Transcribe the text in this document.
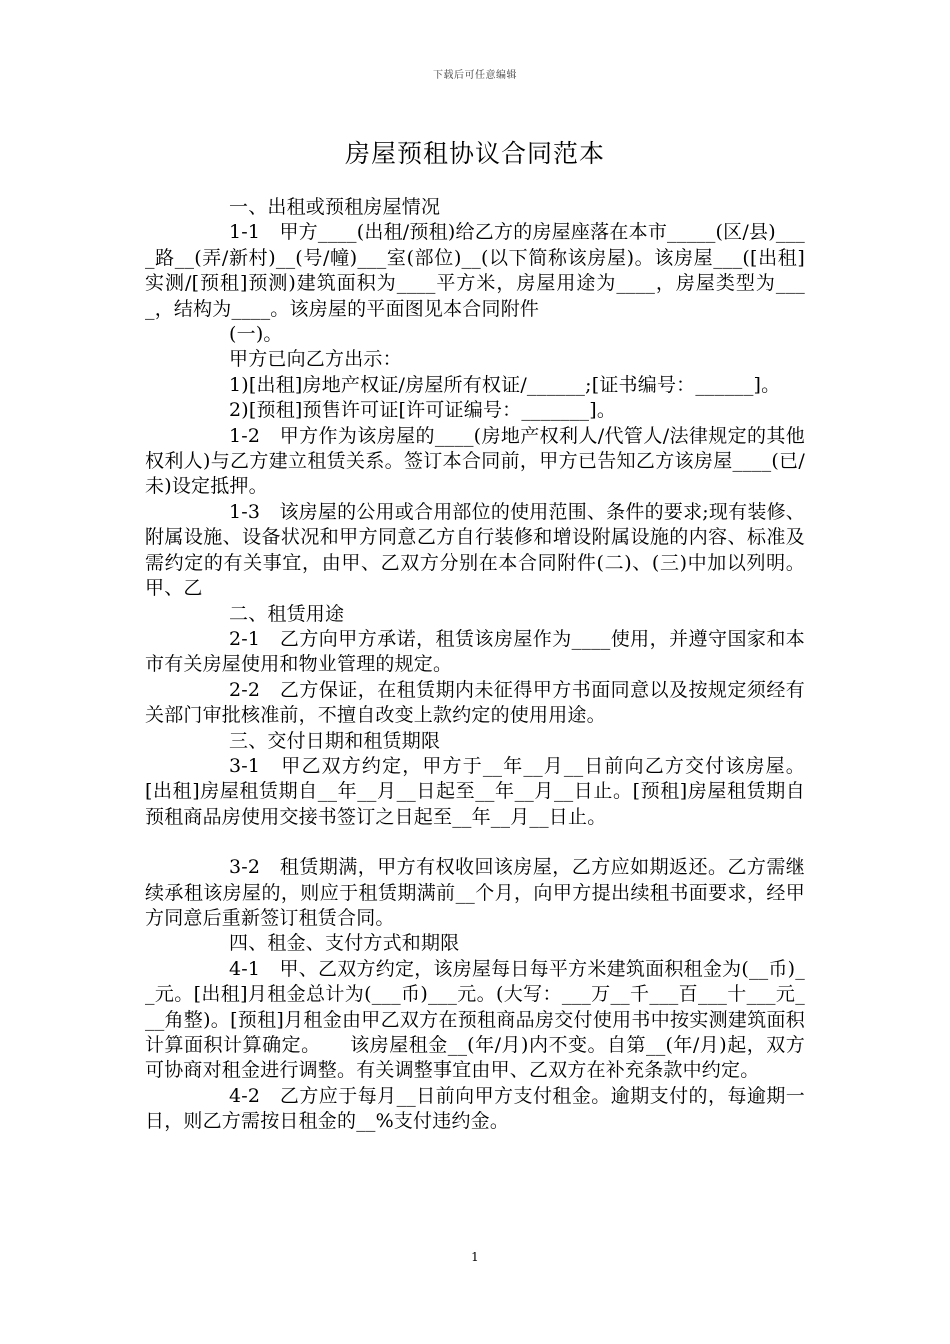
下载后可任意编辑
房屋预租协议合同范本

一、出租或预租房屋情况

1-1　甲方____(出租/预租)给乙方的房屋座落在本市_____(区/县)____路__(弄/新村)__(号/幢)___室(部位)__(以下简称该房屋)。该房屋___([出租]实测/[预租]预测)建筑面积为____平方米，房屋用途为____，房屋类型为____，结构为____。该房屋的平面图见本合同附件

(一)。

甲方已向乙方出示：

1)[出租]房地产权证/房屋所有权证/______;[证书编号：______]。

2)[预租]预售许可证[许可证编号：_______]。

1-2　甲方作为该房屋的____(房地产权利人/代管人/法律规定的其他权利人)与乙方建立租赁关系。签订本合同前，甲方已告知乙方该房屋____(已/未)设定抵押。

1-3　该房屋的公用或合用部位的使用范围、条件的要求;现有装修、附属设施、设备状况和甲方同意乙方自行装修和增设附属设施的内容、标准及需约定的有关事宜，由甲、乙双方分别在本合同附件(二)、(三)中加以列明。甲、乙

二、租赁用途

2-1　乙方向甲方承诺，租赁该房屋作为____使用，并遵守国家和本市有关房屋使用和物业管理的规定。

2-2　乙方保证，在租赁期内未征得甲方书面同意以及按规定须经有关部门审批核准前，不擅自改变上款约定的使用用途。

三、交付日期和租赁期限

3-1　甲乙双方约定，甲方于__年__月__日前向乙方交付该房屋。[出租]房屋租赁期自__年__月__日起至__年__月__日止。[预租]房屋租赁期自预租商品房使用交接书签订之日起至__年__月__日止。

3-2　租赁期满，甲方有权收回该房屋，乙方应如期返还。乙方需继续承租该房屋的，则应于租赁期满前__个月，向甲方提出续租书面要求，经甲方同意后重新签订租赁合同。

四、租金、支付方式和期限

4-1　甲、乙双方约定，该房屋每日每平方米建筑面积租金为(__币)__元。[出租]月租金总计为(___币)___元。(大写：___万__千___百___十___元___角整)。[预租]月租金由甲乙双方在预租商品房交付使用书中按实测建筑面积计算面积计算确定。　　该房屋租金__(年/月)内不变。自第__(年/月)起，双方可协商对租金进行调整。有关调整事宜由甲、乙双方在补充条款中约定。

4-2　乙方应于每月__日前向甲方支付租金。逾期支付的，每逾期一日，则乙方需按日租金的__%支付违约金。

1
